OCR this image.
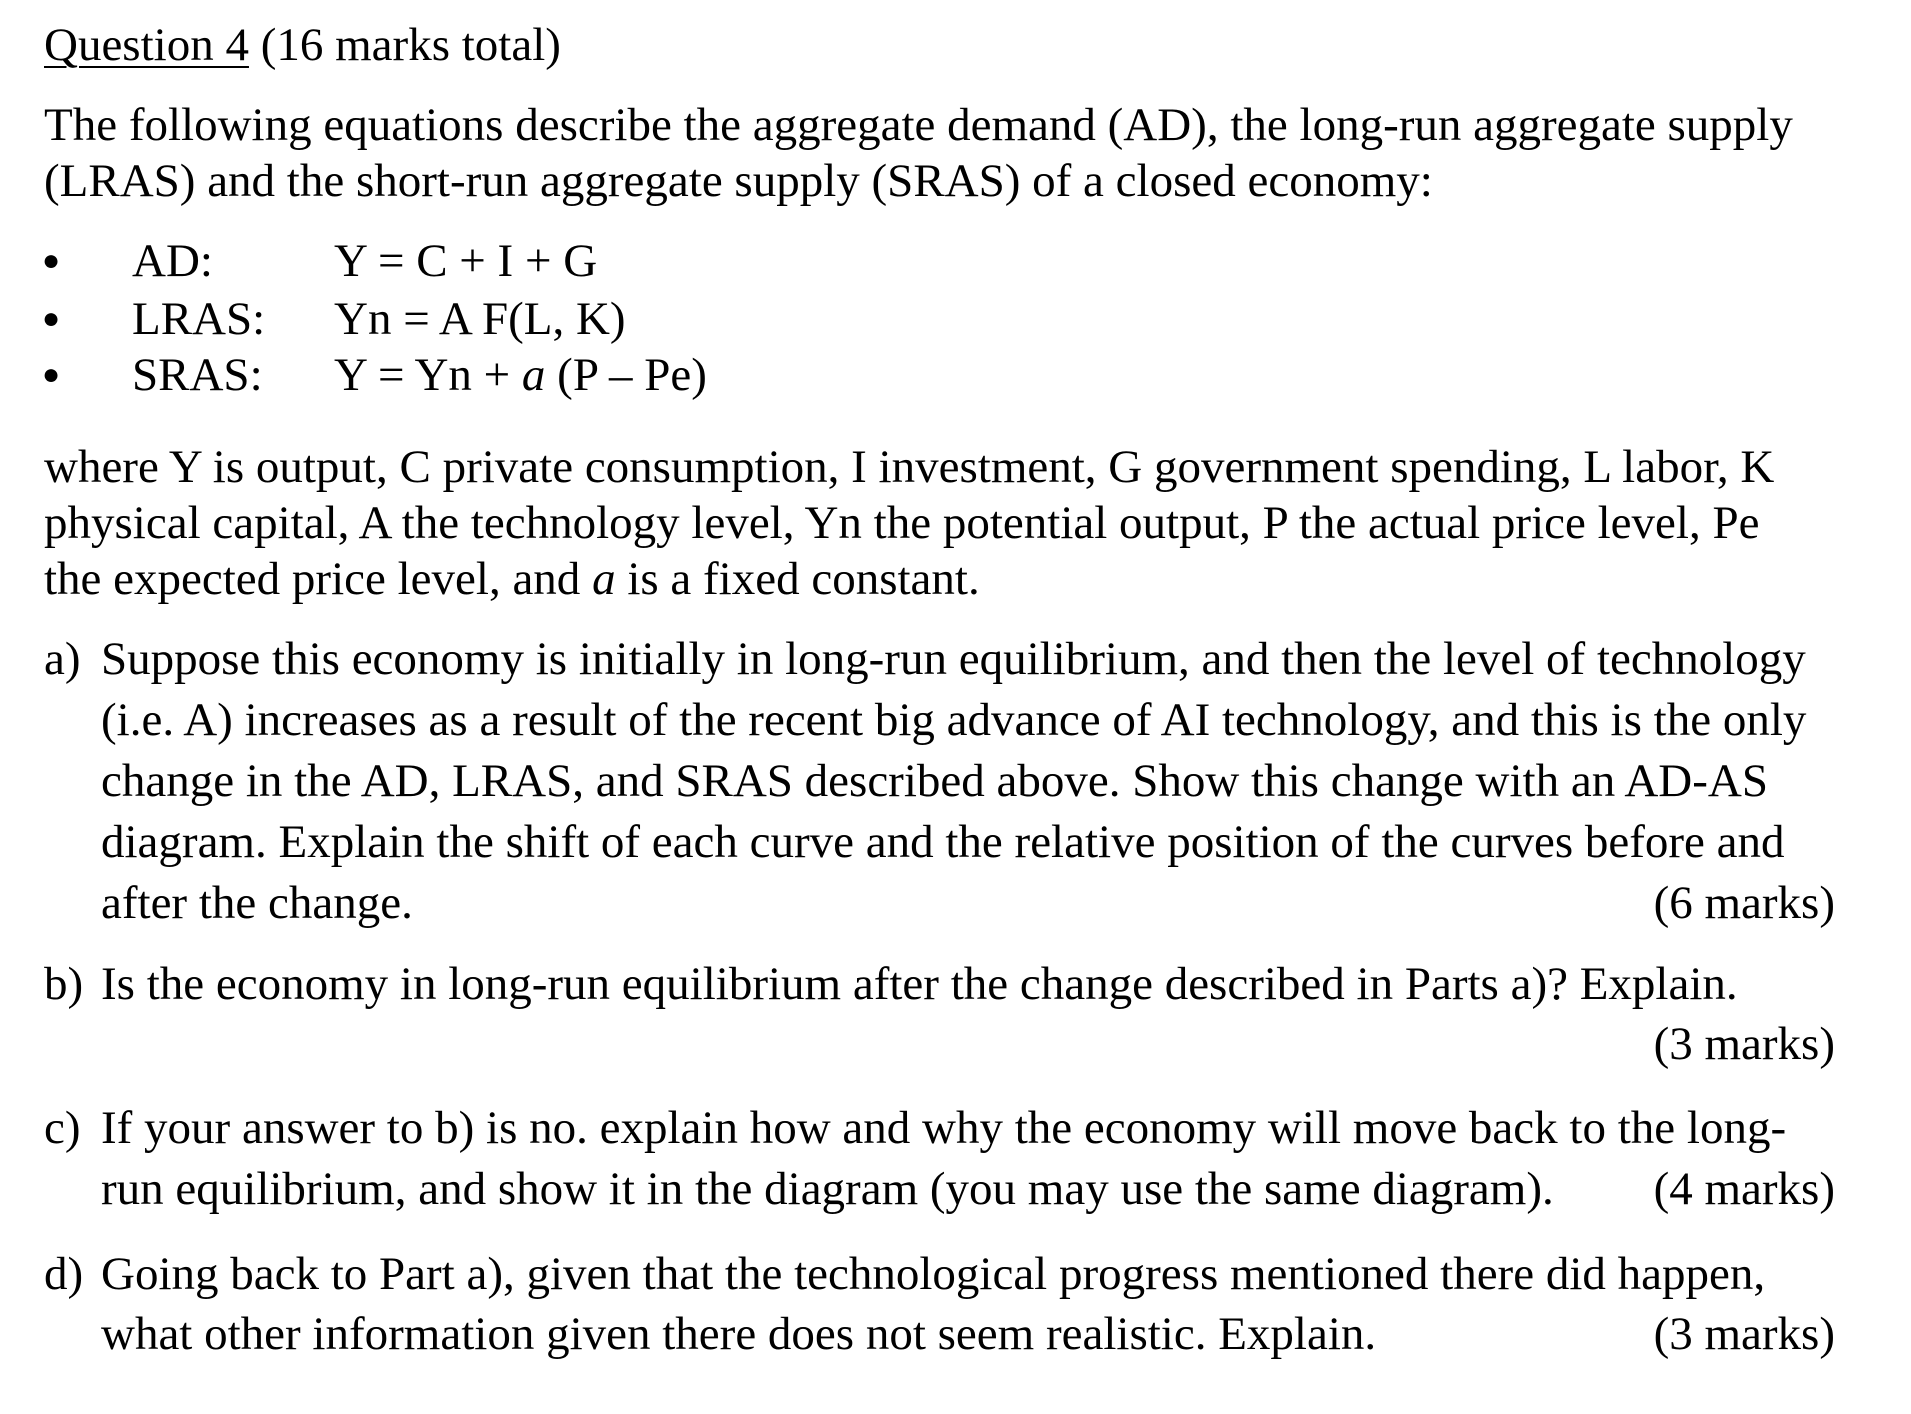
Question 4 (16 marks total)
The following equations describe the aggregate demand (AD), the long-run aggregate supply
(LRAS) and the short-run aggregate supply (SRAS) of a closed economy:
● AD:	Y = C + I + G
● LRAS: Yn = A F(L, K)
● SRAS: Y = Yn + a (P – Pe)
where Y is output, C private consumption, I investment, G government spending, L labor, K
physical capital, A the technology level, Yn the potential output, P the actual price level, Pe
the expected price level, and a is a fixed constant.
a) Suppose this economy is initially in long-run equilibrium, and then the level of technology
(i.e. A) increases as a result of the recent big advance of AI technology, and this is the only
change in the AD, LRAS, and SRAS described above. Show this change with an AD-AS
diagram. Explain the shift of each curve and the relative position of the curves before and
after the change.	(6 marks)
b) Is the economy in long-run equilibrium after the change described in Parts a)? Explain.
(3 marks)
c) If your answer to b) is no. explain how and why the economy will move back to the long-
run equilibrium, and show it in the diagram (you may use the same diagram). (4 marks)
d) Going back to Part a), given that the technological progress mentioned there did happen,
what other information given there does not seem realistic. Explain.	(3 marks)
